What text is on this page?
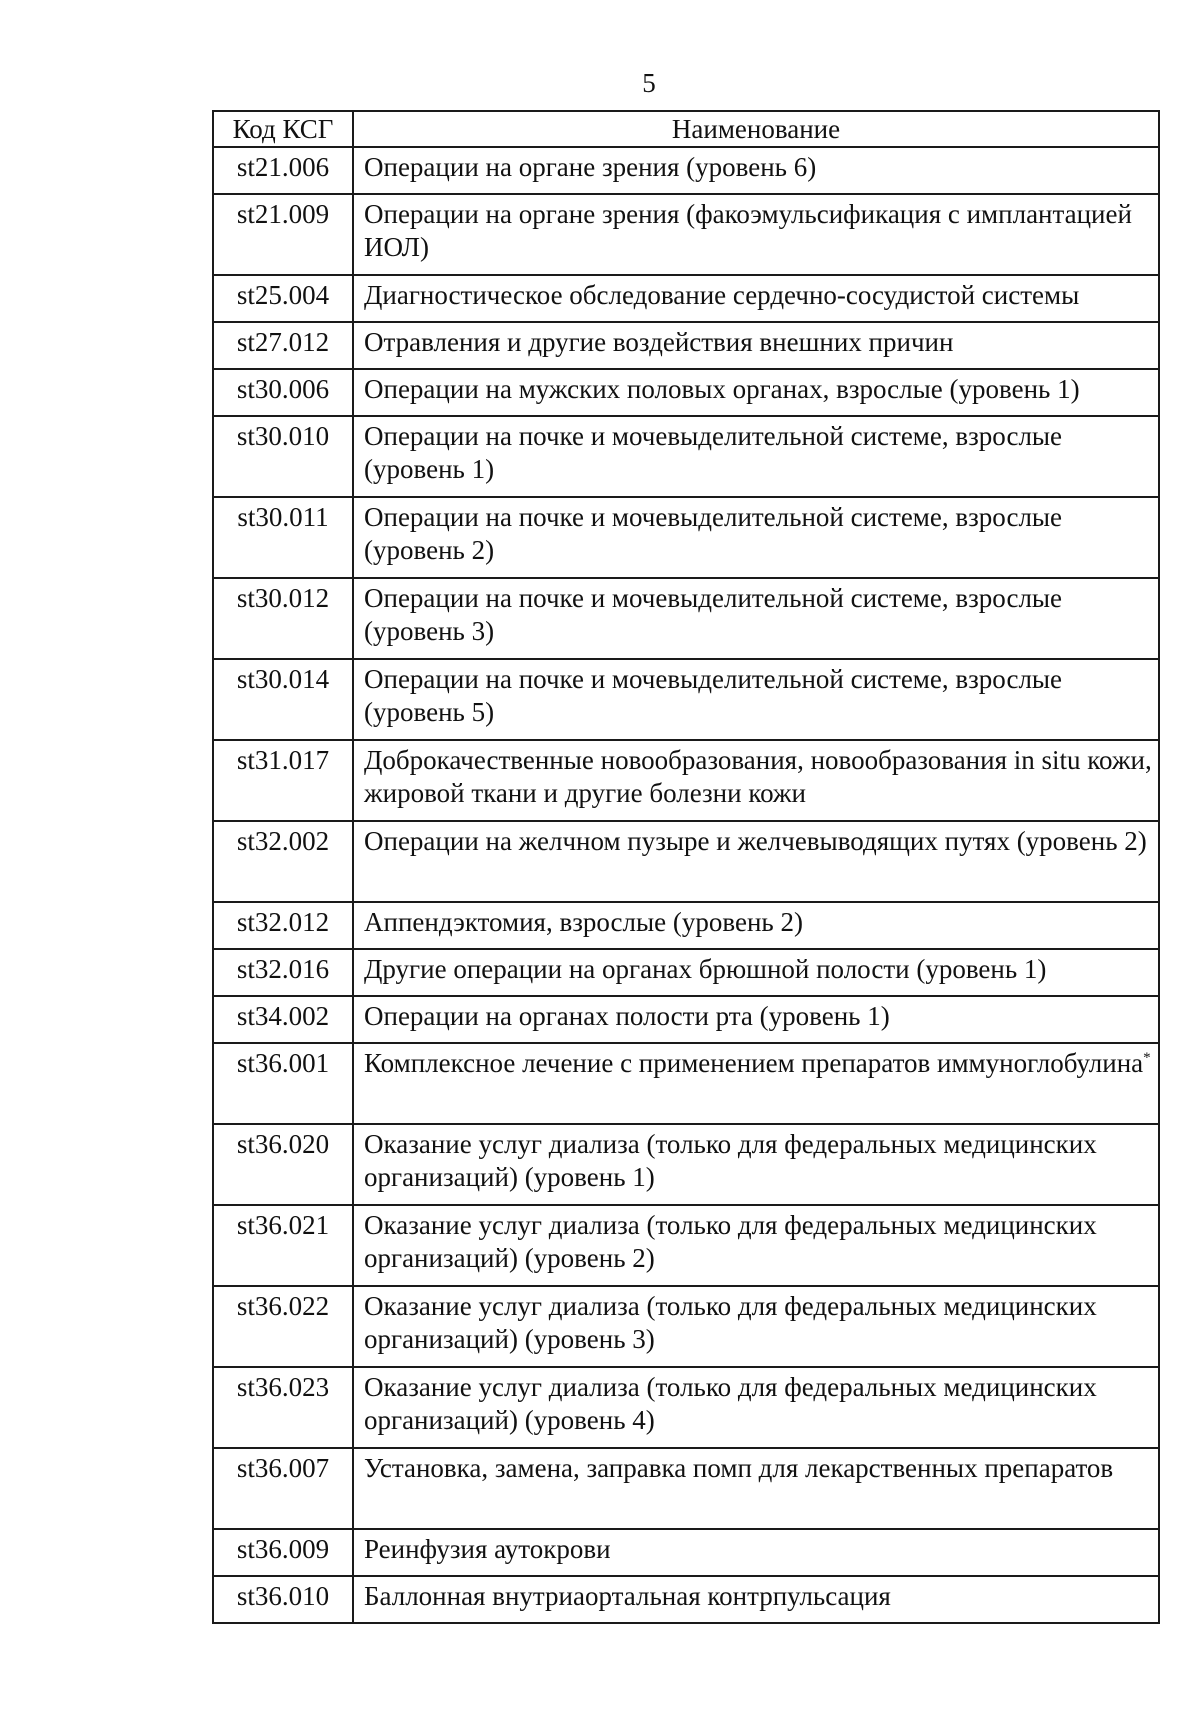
5
Код КСГ	Наименование
st21.006	Операции на органе зрения (уровень 6)
st21.009	Операции на органе зрения (факоэмульсификация с имплантацией ИОЛ)
st25.004	Диагностическое обследование сердечно-сосудистой системы
st27.012	Отравления и другие воздействия внешних причин
st30.006	Операции на мужских половых органах, взрослые (уровень 1)
st30.010	Операции на почке и мочевыделительной системе, взрослые (уровень 1)
st30.011	Операции на почке и мочевыделительной системе, взрослые (уровень 2)
st30.012	Операции на почке и мочевыделительной системе, взрослые (уровень 3)
st30.014	Операции на почке и мочевыделительной системе, взрослые (уровень 5)
st31.017	Доброкачественные новообразования, новообразования in situ кожи, жировой ткани и другие болезни кожи
st32.002	Операции на желчном пузыре и желчевыводящих путях (уровень 2)
st32.012	Аппендэктомия, взрослые (уровень 2)
st32.016	Другие операции на органах брюшной полости (уровень 1)
st34.002	Операции на органах полости рта (уровень 1)
st36.001	Комплексное лечение с применением препаратов иммуноглобулина*
st36.020	Оказание услуг диализа (только для федеральных медицинских организаций) (уровень 1)
st36.021	Оказание услуг диализа (только для федеральных медицинских организаций) (уровень 2)
st36.022	Оказание услуг диализа (только для федеральных медицинских организаций) (уровень 3)
st36.023	Оказание услуг диализа (только для федеральных медицинских организаций) (уровень 4)
st36.007	Установка, замена, заправка помп для лекарственных препаратов
st36.009	Реинфузия аутокрови
st36.010	Баллонная внутриаортальная контрпульсация
